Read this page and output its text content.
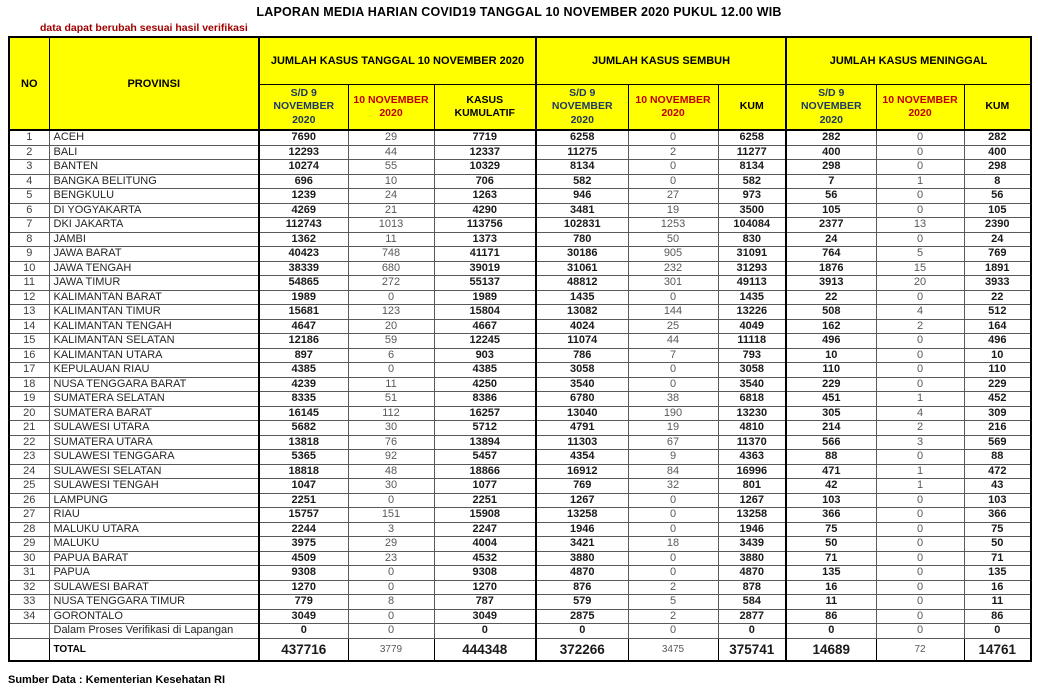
LAPORAN MEDIA HARIAN COVID19 TANGGAL 10 NOVEMBER 2020 PUKUL 12.00 WIB
data dapat berubah sesuai hasil verifikasi
NO	PROVINSI	JUMLAH KASUS TANGGAL 10 NOVEMBER 2020			JUMLAH KASUS SEMBUH			JUMLAH KASUS MENINGGAL		
		S/D 9 NOVEMBER 2020	10 NOVEMBER 2020	KASUS KUMULATIF	S/D 9 NOVEMBER 2020	10 NOVEMBER 2020	KUM	S/D 9 NOVEMBER 2020	10 NOVEMBER 2020	KUM
1	ACEH	7690	29	7719	6258	0	6258	282	0	282
2	BALI	12293	44	12337	11275	2	11277	400	0	400
3	BANTEN	10274	55	10329	8134	0	8134	298	0	298
4	BANGKA BELITUNG	696	10	706	582	0	582	7	1	8
5	BENGKULU	1239	24	1263	946	27	973	56	0	56
6	DI YOGYAKARTA	4269	21	4290	3481	19	3500	105	0	105
7	DKI JAKARTA	112743	1013	113756	102831	1253	104084	2377	13	2390
8	JAMBI	1362	11	1373	780	50	830	24	0	24
9	JAWA BARAT	40423	748	41171	30186	905	31091	764	5	769
10	JAWA TENGAH	38339	680	39019	31061	232	31293	1876	15	1891
11	JAWA TIMUR	54865	272	55137	48812	301	49113	3913	20	3933
12	KALIMANTAN BARAT	1989	0	1989	1435	0	1435	22	0	22
13	KALIMANTAN TIMUR	15681	123	15804	13082	144	13226	508	4	512
14	KALIMANTAN TENGAH	4647	20	4667	4024	25	4049	162	2	164
15	KALIMANTAN SELATAN	12186	59	12245	11074	44	11118	496	0	496
16	KALIMANTAN UTARA	897	6	903	786	7	793	10	0	10
17	KEPULAUAN RIAU	4385	0	4385	3058	0	3058	110	0	110
18	NUSA TENGGARA BARAT	4239	11	4250	3540	0	3540	229	0	229
19	SUMATERA SELATAN	8335	51	8386	6780	38	6818	451	1	452
20	SUMATERA BARAT	16145	112	16257	13040	190	13230	305	4	309
21	SULAWESI UTARA	5682	30	5712	4791	19	4810	214	2	216
22	SUMATERA UTARA	13818	76	13894	11303	67	11370	566	3	569
23	SULAWESI TENGGARA	5365	92	5457	4354	9	4363	88	0	88
24	SULAWESI SELATAN	18818	48	18866	16912	84	16996	471	1	472
25	SULAWESI TENGAH	1047	30	1077	769	32	801	42	1	43
26	LAMPUNG	2251	0	2251	1267	0	1267	103	0	103
27	RIAU	15757	151	15908	13258	0	13258	366	0	366
28	MALUKU UTARA	2244	3	2247	1946	0	1946	75	0	75
29	MALUKU	3975	29	4004	3421	18	3439	50	0	50
30	PAPUA BARAT	4509	23	4532	3880	0	3880	71	0	71
31	PAPUA	9308	0	9308	4870	0	4870	135	0	135
32	SULAWESI BARAT	1270	0	1270	876	2	878	16	0	16
33	NUSA TENGGARA TIMUR	779	8	787	579	5	584	11	0	11
34	GORONTALO	3049	0	3049	2875	2	2877	86	0	86
	Dalam Proses Verifikasi di Lapangan	0	0	0	0	0	0	0	0	0
	TOTAL	437716	3779	444348	372266	3475	375741	14689	72	14761
Sumber Data : Kementerian Kesehatan RI
